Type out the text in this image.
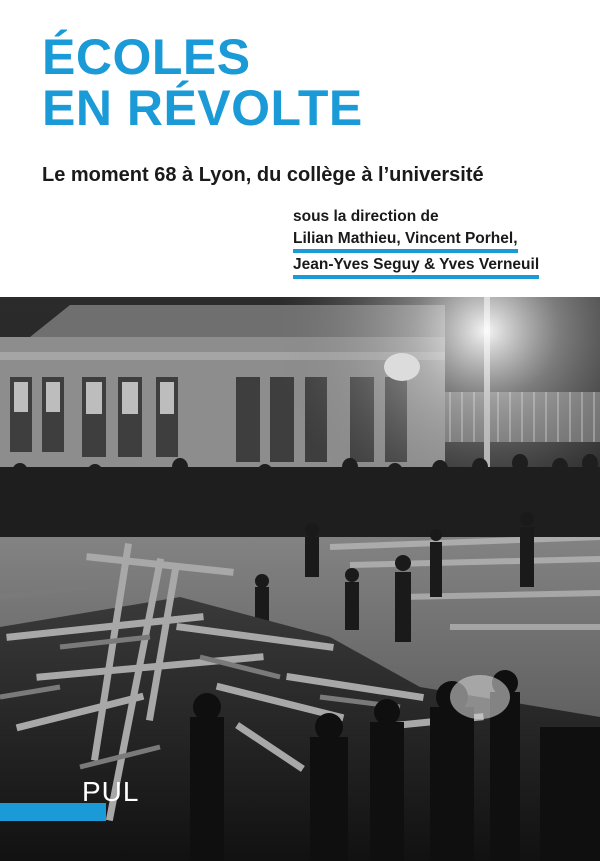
ÉCOLES
EN RÉVOLTE

Le moment 68 à Lyon, du collège à l’université

sous la direction de
Lilian Mathieu, Vincent Porhel,
Jean-Yves Seguy & Yves Verneuil
PUL
